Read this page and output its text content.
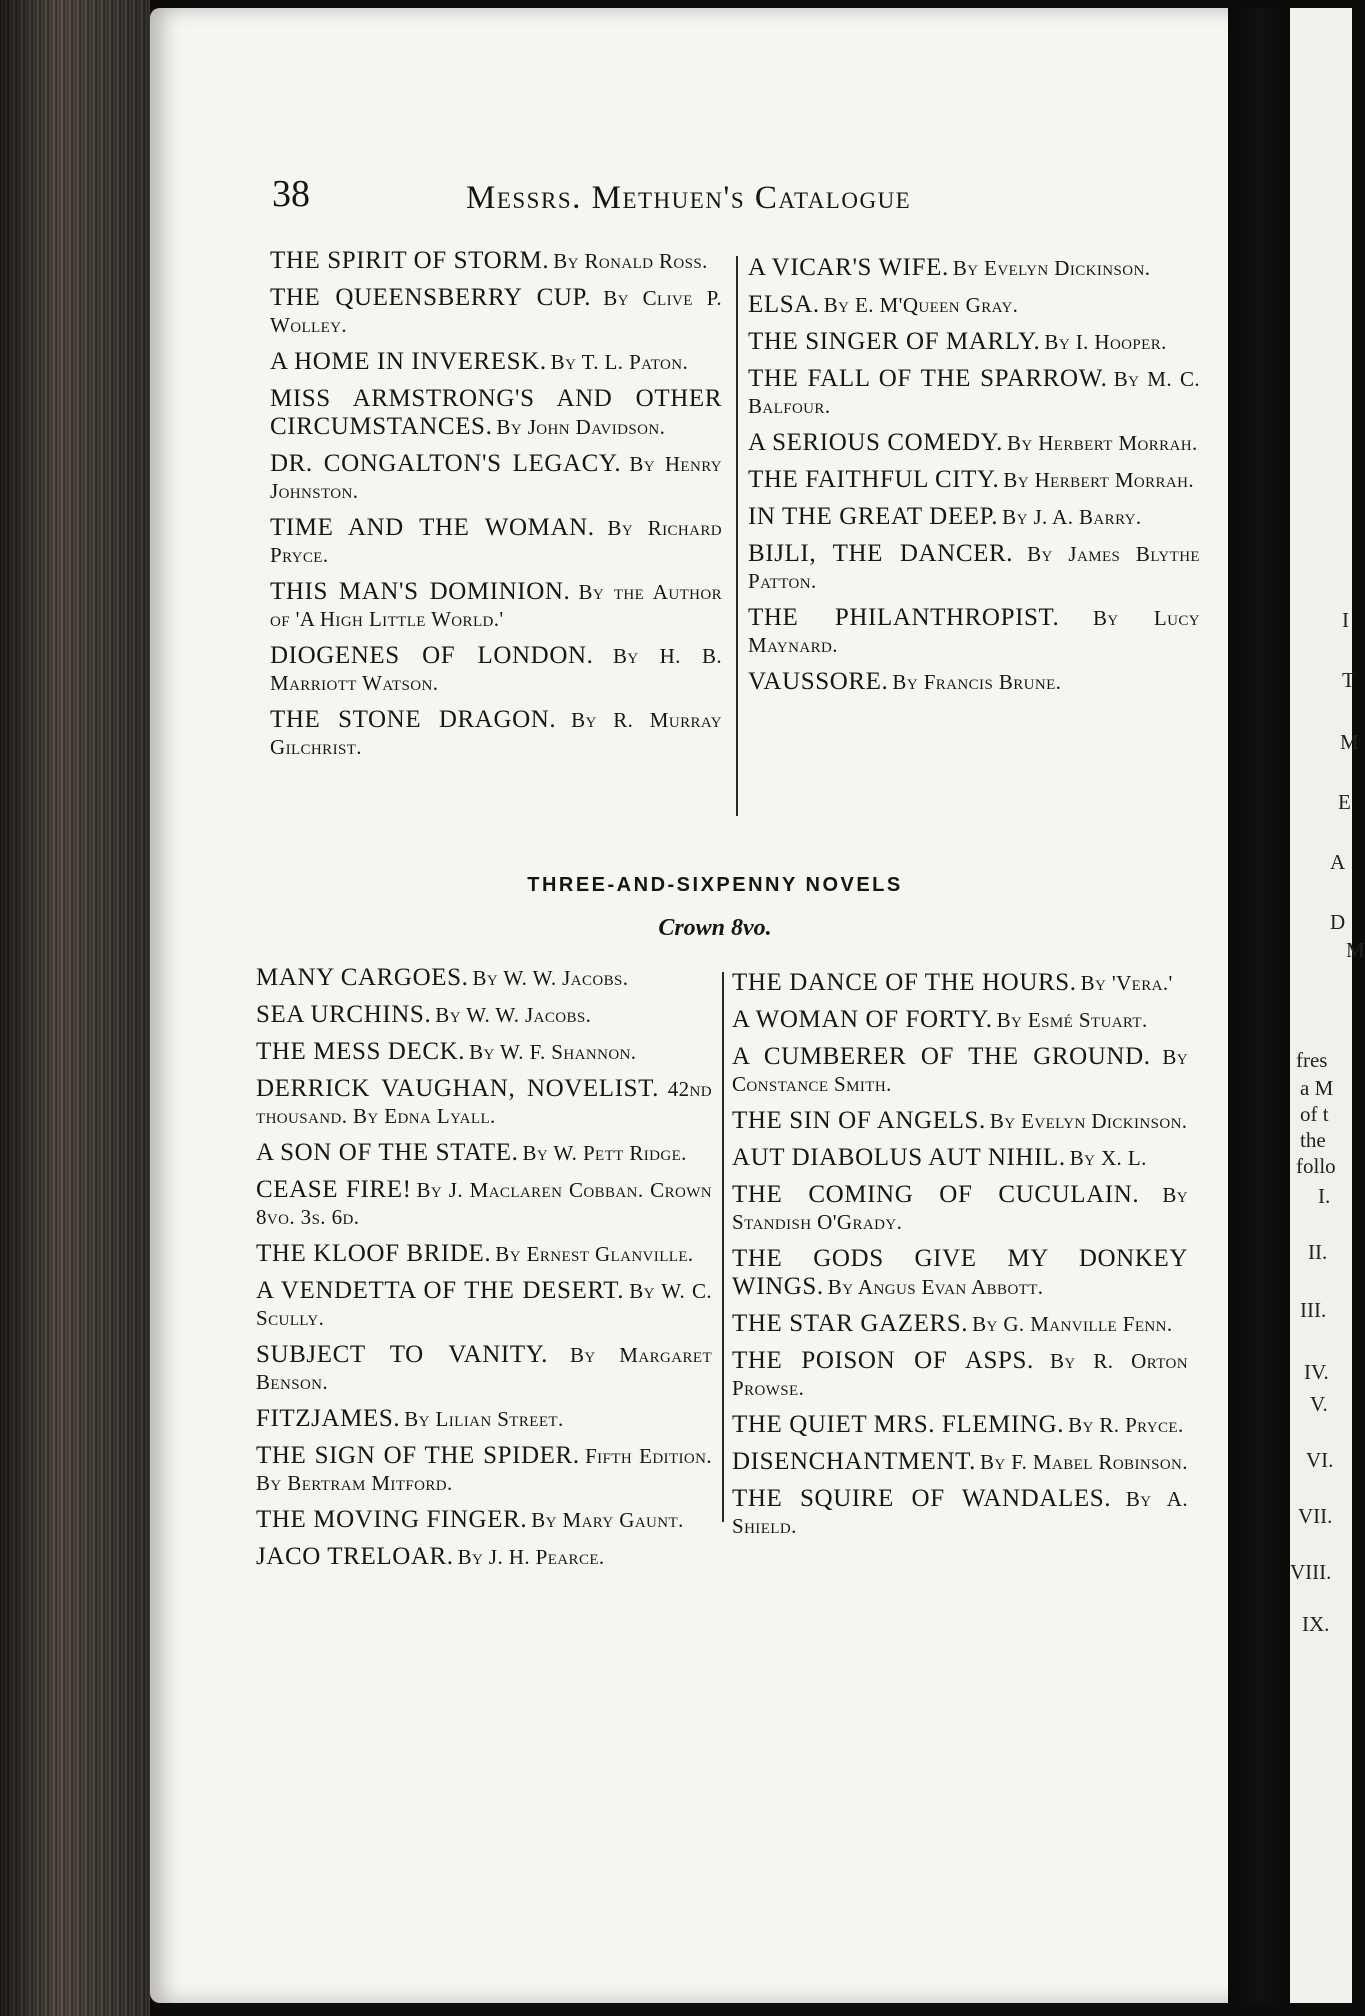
I
T
M
E
A
D
M
fres
a M
of t
the
follo
I.
II.
III.
IV.
V.
VI.
VII.
VIII.
IX.
38	Messrs. Methuen's Catalogue
THE SPIRIT OF STORM. By Ronald Ross.
THE QUEENSBERRY CUP. By Clive P. Wolley.
A HOME IN INVERESK. By T. L. Paton.
MISS ARMSTRONG'S AND OTHER CIRCUMSTANCES. By John Davidson.
DR. CONGALTON'S LEGACY. By Henry Johnston.
TIME AND THE WOMAN. By Richard Pryce.
THIS MAN'S DOMINION. By the Author of 'A High Little World.'
DIOGENES OF LONDON. By H. B. Marriott Watson.
THE STONE DRAGON. By R. Murray Gilchrist.
A VICAR'S WIFE. By Evelyn Dickinson.
ELSA. By E. M'Queen Gray.
THE SINGER OF MARLY. By I. Hooper.
THE FALL OF THE SPARROW. By M. C. Balfour.
A SERIOUS COMEDY. By Herbert Morrah.
THE FAITHFUL CITY. By Herbert Morrah.
IN THE GREAT DEEP. By J. A. Barry.
BIJLI, THE DANCER. By James Blythe Patton.
THE PHILANTHROPIST. By Lucy Maynard.
VAUSSORE. By Francis Brune.
THREE-AND-SIXPENNY NOVELS
Crown 8vo.
MANY CARGOES. By W. W. Jacobs.
SEA URCHINS. By W. W. Jacobs.
THE MESS DECK. By W. F. Shannon.
DERRICK VAUGHAN, NOVELIST. 42nd thousand. By Edna Lyall.
A SON OF THE STATE. By W. Pett Ridge.
CEASE FIRE! By J. Maclaren Cobban. Crown 8vo. 3s. 6d.
THE KLOOF BRIDE. By Ernest Glanville.
A VENDETTA OF THE DESERT. By W. C. Scully.
SUBJECT TO VANITY. By Margaret Benson.
FITZJAMES. By Lilian Street.
THE SIGN OF THE SPIDER. Fifth Edition. By Bertram Mitford.
THE MOVING FINGER. By Mary Gaunt.
JACO TRELOAR. By J. H. Pearce.
THE DANCE OF THE HOURS. By 'Vera.'
A WOMAN OF FORTY. By Esmé Stuart.
A CUMBERER OF THE GROUND. By Constance Smith.
THE SIN OF ANGELS. By Evelyn Dickinson.
AUT DIABOLUS AUT NIHIL. By X. L.
THE COMING OF CUCULAIN. By Standish O'Grady.
THE GODS GIVE MY DONKEY WINGS. By Angus Evan Abbott.
THE STAR GAZERS. By G. Manville Fenn.
THE POISON OF ASPS. By R. Orton Prowse.
THE QUIET MRS. FLEMING. By R. Pryce.
DISENCHANTMENT. By F. Mabel Robinson.
THE SQUIRE OF WANDALES. By A. Shield.
